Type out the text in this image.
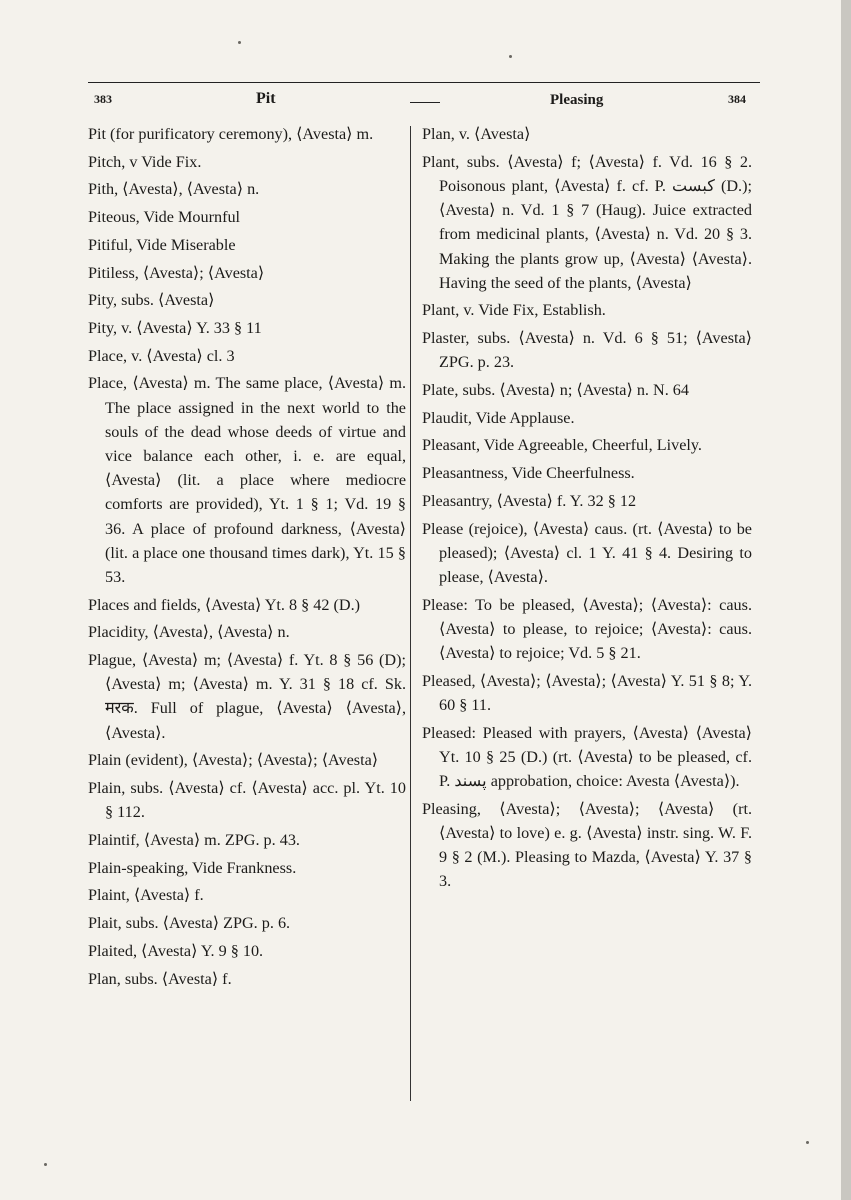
383	Pit	Pleasing	384

Pit (for purificatory ceremony), ⟨Avesta⟩ m.

Pitch, v Vide Fix.

Pith, ⟨Avesta⟩, ⟨Avesta⟩ n.

Piteous, Vide Mournful

Pitiful, Vide Miserable

Pitiless, ⟨Avesta⟩; ⟨Avesta⟩

Pity, subs. ⟨Avesta⟩

Pity, v. ⟨Avesta⟩ Y. 33 § 11

Place, v. ⟨Avesta⟩ cl. 3

Place, ⟨Avesta⟩ m. The same place, ⟨Avesta⟩ m. The place assigned in the next world to the souls of the dead whose deeds of virtue and vice balance each other, i. e. are equal, ⟨Avesta⟩ (lit. a place where mediocre comforts are provided), Yt. 1 § 1; Vd. 19 § 36. A place of profound darkness, ⟨Avesta⟩ (lit. a place one thousand times dark), Yt. 15 § 53.

Places and fields, ⟨Avesta⟩ Yt. 8 § 42 (D.)

Placidity, ⟨Avesta⟩, ⟨Avesta⟩ n.

Plague, ⟨Avesta⟩ m; ⟨Avesta⟩ f. Yt. 8 § 56 (D); ⟨Avesta⟩ m; ⟨Avesta⟩ m. Y. 31 § 18 cf. Sk. मरक. Full of plague, ⟨Avesta⟩ ⟨Avesta⟩, ⟨Avesta⟩.

Plain (evident), ⟨Avesta⟩; ⟨Avesta⟩; ⟨Avesta⟩

Plain, subs. ⟨Avesta⟩ cf. ⟨Avesta⟩ acc. pl. Yt. 10 § 112.

Plaintif, ⟨Avesta⟩ m. ZPG. p. 43.

Plain-speaking, Vide Frankness.

Plaint, ⟨Avesta⟩ f.

Plait, subs. ⟨Avesta⟩ ZPG. p. 6.

Plaited, ⟨Avesta⟩ Y. 9 § 10.

Plan, subs. ⟨Avesta⟩ f.

Plan, v. ⟨Avesta⟩

Plant, subs. ⟨Avesta⟩ f; ⟨Avesta⟩ f. Vd. 16 § 2. Poisonous plant, ⟨Avesta⟩ f. cf. P. کبست (D.); ⟨Avesta⟩ n. Vd. 1 § 7 (Haug). Juice extracted from medicinal plants, ⟨Avesta⟩ n. Vd. 20 § 3. Making the plants grow up, ⟨Avesta⟩ ⟨Avesta⟩. Having the seed of the plants, ⟨Avesta⟩

Plant, v. Vide Fix, Establish.

Plaster, subs. ⟨Avesta⟩ n. Vd. 6 § 51; ⟨Avesta⟩ ZPG. p. 23.

Plate, subs. ⟨Avesta⟩ n; ⟨Avesta⟩ n. N. 64

Plaudit, Vide Applause.

Pleasant, Vide Agreeable, Cheerful, Lively.

Pleasantness, Vide Cheerfulness.

Pleasantry, ⟨Avesta⟩ f. Y. 32 § 12

Please (rejoice), ⟨Avesta⟩ caus. (rt. ⟨Avesta⟩ to be pleased); ⟨Avesta⟩ cl. 1 Y. 41 § 4. Desiring to please, ⟨Avesta⟩.

Please: To be pleased, ⟨Avesta⟩; ⟨Avesta⟩: caus. ⟨Avesta⟩ to please, to rejoice; ⟨Avesta⟩: caus. ⟨Avesta⟩ to rejoice; Vd. 5 § 21.

Pleased, ⟨Avesta⟩; ⟨Avesta⟩; ⟨Avesta⟩ Y. 51 § 8; Y. 60 § 11.

Pleased: Pleased with prayers, ⟨Avesta⟩ ⟨Avesta⟩ Yt. 10 § 25 (D.) (rt. ⟨Avesta⟩ to be pleased, cf. P. پسند approbation, choice: Avesta ⟨Avesta⟩).

Pleasing, ⟨Avesta⟩; ⟨Avesta⟩; ⟨Avesta⟩ (rt. ⟨Avesta⟩ to love) e. g. ⟨Avesta⟩ instr. sing. W. F. 9 § 2 (M.). Pleasing to Mazda, ⟨Avesta⟩ Y. 37 § 3.
